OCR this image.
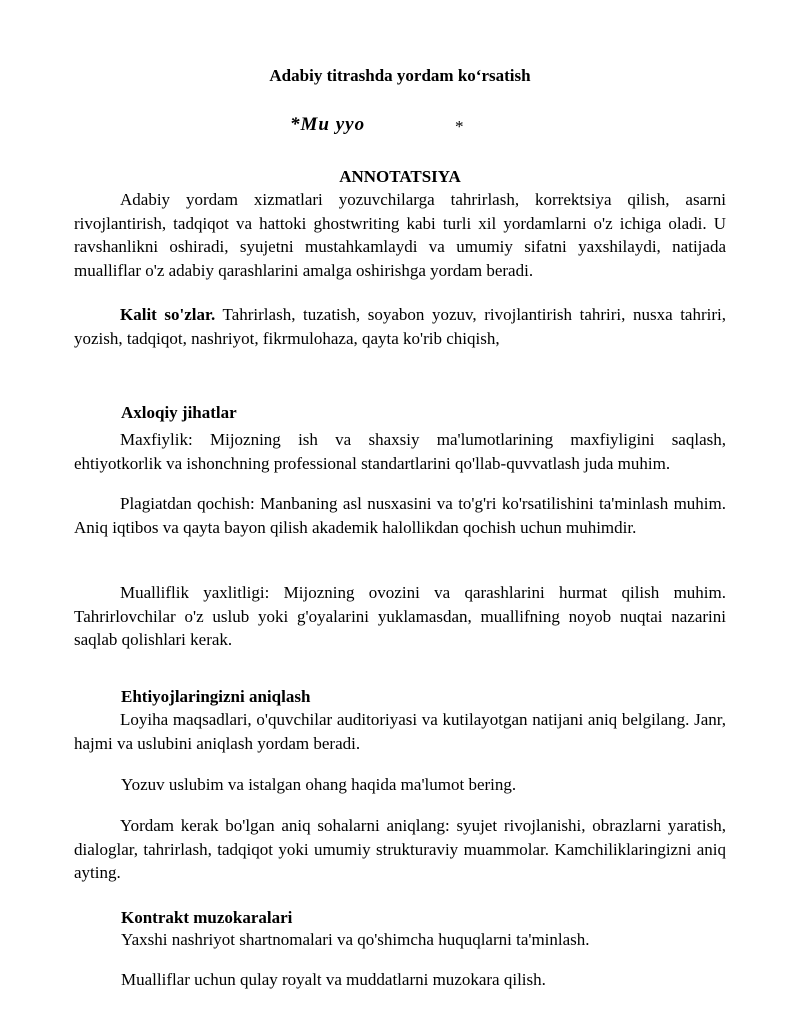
Adabiy titrashda yordam koʻrsatish
*Mu yyo	*
ANNOTATSIYA

Adabiy yordam xizmatlari yozuvchilarga tahrirlash, korrektsiya qilish, asarni rivojlantirish, tadqiqot va hattoki ghostwriting kabi turli xil yordamlarni o'z ichiga oladi. U ravshanlikni oshiradi, syujetni mustahkamlaydi va umumiy sifatni yaxshilaydi, natijada mualliflar o'z adabiy qarashlarini amalga oshirishga yordam beradi.

Kalit so'zlar. Tahrirlash, tuzatish, soyabon yozuv, rivojlantirish tahriri, nusxa tahriri, yozish, tadqiqot, nashriyot, fikrmulohaza, qayta ko'rib chiqish,

Axloqiy jihatlar

Maxfiylik: Mijozning ish va shaxsiy ma'lumotlarining maxfiyligini saqlash, ehtiyotkorlik va ishonchning professional standartlarini qo'llab-quvvatlash juda muhim.

Plagiatdan qochish: Manbaning asl nusxasini va to'g'ri ko'rsatilishini ta'minlash muhim. Aniq iqtibos va qayta bayon qilish akademik halollikdan qochish uchun muhimdir.

Mualliflik yaxlitligi: Mijozning ovozini va qarashlarini hurmat qilish muhim. Tahrirlovchilar o'z uslub yoki g'oyalarini yuklamasdan, muallifning noyob nuqtai nazarini saqlab qolishlari kerak.

Ehtiyojlaringizni aniqlash

Loyiha maqsadlari, o'quvchilar auditoriyasi va kutilayotgan natijani aniq belgilang. Janr, hajmi va uslubini aniqlash yordam beradi.

Yozuv uslubim va istalgan ohang haqida ma'lumot bering.

Yordam kerak bo'lgan aniq sohalarni aniqlang: syujet rivojlanishi, obrazlarni yaratish, dialoglar, tahrirlash, tadqiqot yoki umumiy strukturaviy muammolar. Kamchiliklaringizni aniq ayting.

Kontrakt muzokaralari
Yaxshi nashriyot shartnomalari va qo'shimcha huquqlarni ta'minlash.
Mualliflar uchun qulay royalt va muddatlarni muzokara qilish.
